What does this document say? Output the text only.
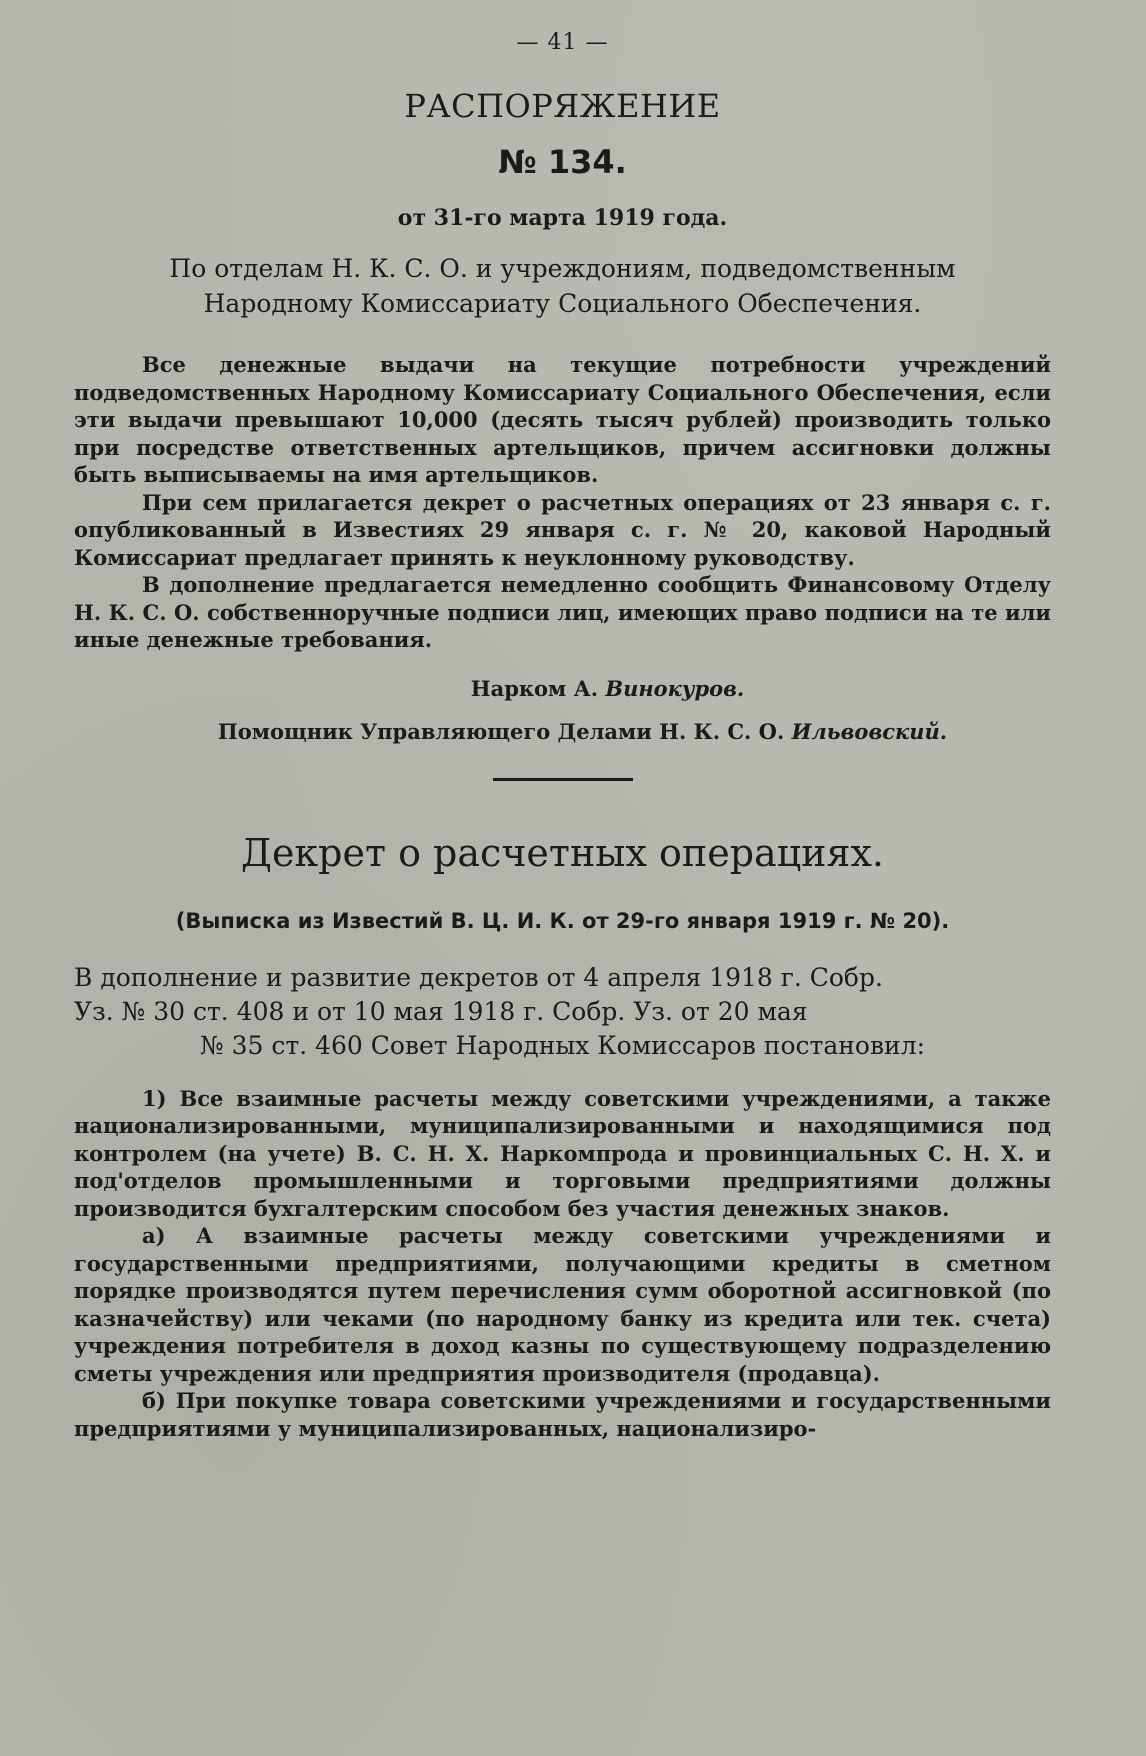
— 41 —
РАСПОРЯЖЕНИЕ
№ 134.
от 31-го марта 1919 года.
По отделам Н. К. С. О. и учреждониям, подведомственным
Народному Комиссариату Социального Обеспечения.

Все денежные выдачи на текущие потребности учреждений подведомственных Народному Комиссариату Социального Обеспечения, если эти выдачи превышают 10,000 (десять тысяч рублей) производить только при посредстве ответственных артельщиков, причем ассигновки должны быть выписываемы на имя артельщиков.

При сем прилагается декрет о расчетных операциях от 23 января с. г. опубликованный в Известиях 29 января с. г. № 20, каковой Народный Комиссариат предлагает принять к неуклонному руководству.

В дополнение предлагается немедленно сообщить Финансовому Отделу Н. К. С. О. собственноручные подписи лиц, имеющих право подписи на те или иные денежные требования.

Нарком А. Винокуров.
Помощник Управляющего Делами Н. К. С. О. Ильвовский.
Декрет о расчетных операциях.
(Выписка из Известий В. Ц. И. К. от 29-го января 1919 г. № 20).
В дополнение и развитие декретов от 4 апреля 1918 г. Собр.
Уз. № 30 ст. 408 и от 10 мая 1918 г. Собр. Уз. от 20 мая
№ 35 ст. 460 Совет Народных Комиссаров постановил:

1) Все взаимные расчеты между советскими учреждениями, а также национализированными, муниципализированными и находящимися под контролем (на учете) В. С. Н. Х. Наркомпрода и провинциальных С. Н. Х. и под'отделов промышленными и торговыми предприятиями должны производится бухгалтерским способом без участия денежных знаков.

а) А взаимные расчеты между советскими учреждениями и государственными предприятиями, получающими кредиты в сметном порядке производятся путем перечисления сумм оборотной ассигновкой (по казначейству) или чеками (по народному банку из кредита или тек. счета) учреждения потребителя в доход казны по существующему подразделению сметы учреждения или предприятия производителя (продавца).

б) При покупке товара советскими учреждениями и государственными предприятиями у муниципализированных, национализиро-
